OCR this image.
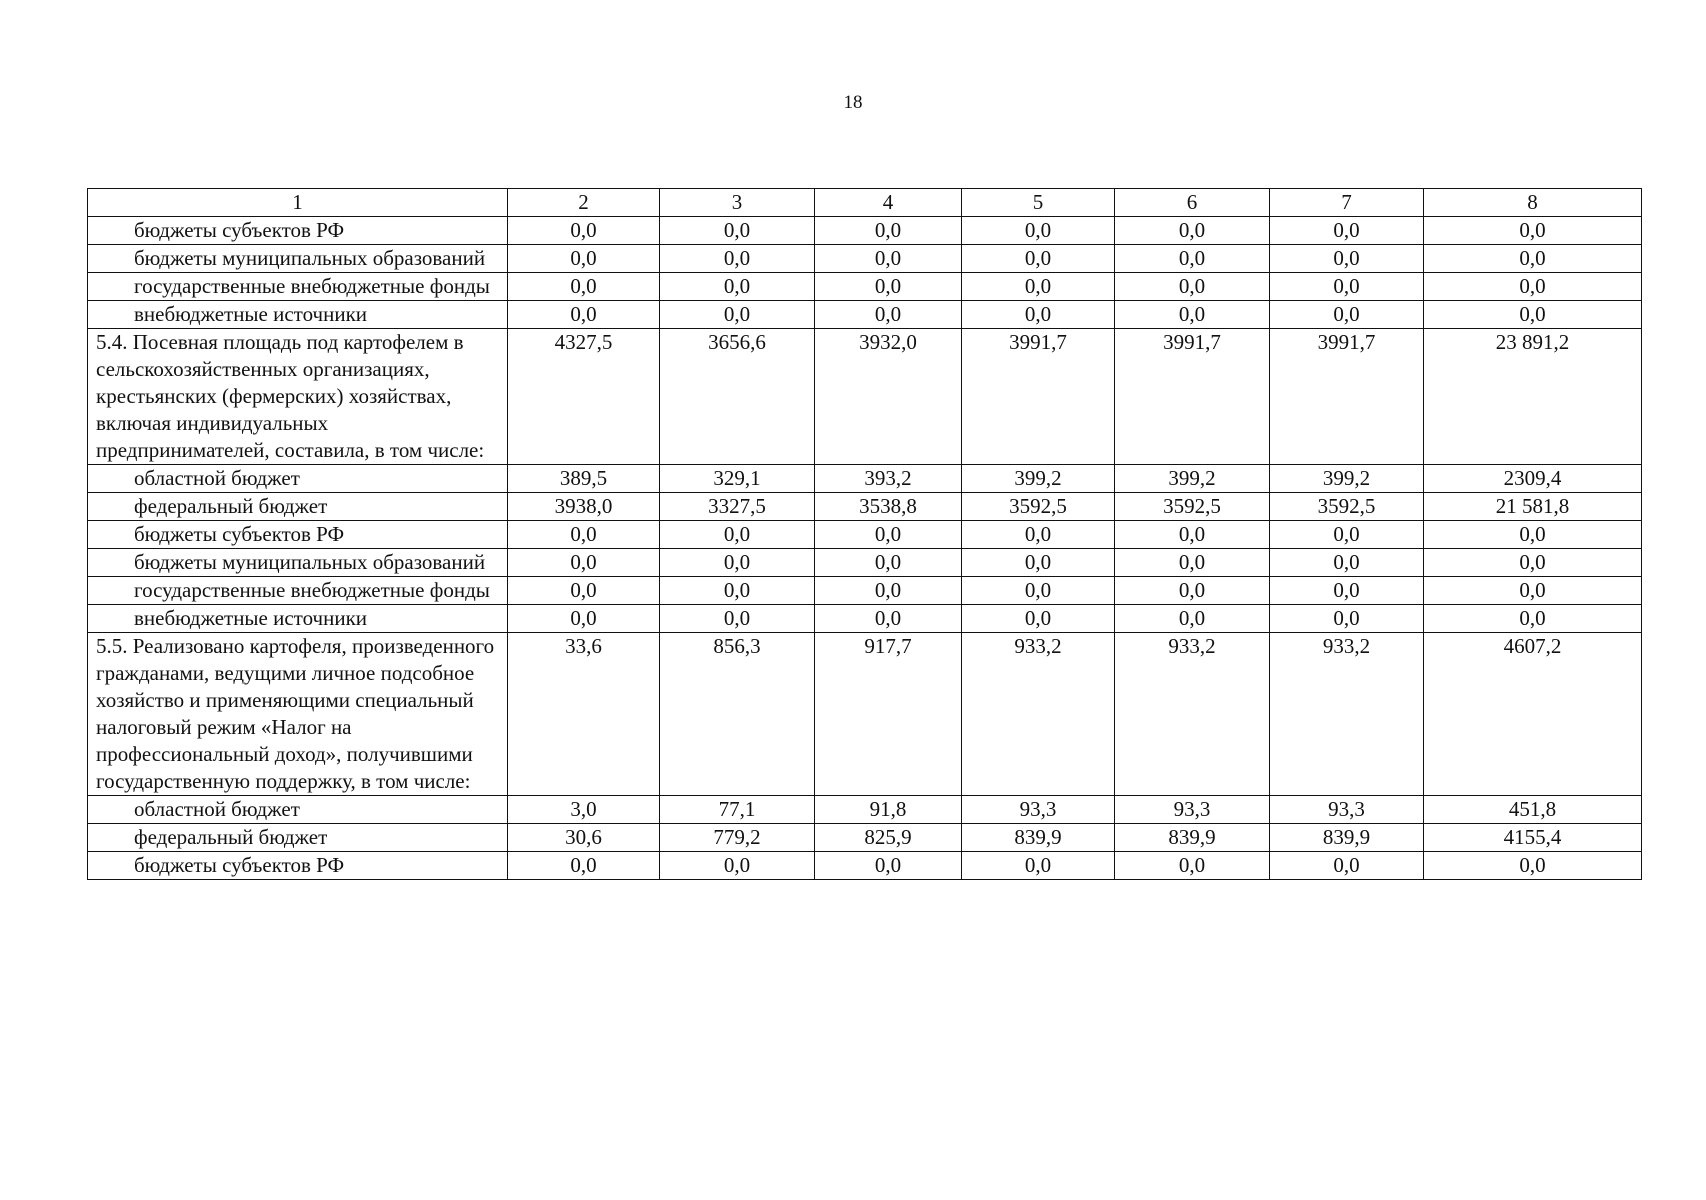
18
1	2	3	4	5	6	7	8
бюджеты субъектов РФ	0,0	0,0	0,0	0,0	0,0	0,0	0,0
бюджеты муниципальных образований	0,0	0,0	0,0	0,0	0,0	0,0	0,0
государственные внебюджетные фонды	0,0	0,0	0,0	0,0	0,0	0,0	0,0
внебюджетные источники	0,0	0,0	0,0	0,0	0,0	0,0	0,0
5.4. Посевная площадь под картофелем в сельскохозяйственных организациях, крестьянских (фермерских) хозяйствах, включая индивидуальных предпринимателей, составила, в том числе:	4327,5	3656,6	3932,0	3991,7	3991,7	3991,7	23 891,2
областной бюджет	389,5	329,1	393,2	399,2	399,2	399,2	2309,4
федеральный бюджет	3938,0	3327,5	3538,8	3592,5	3592,5	3592,5	21 581,8
бюджеты субъектов РФ	0,0	0,0	0,0	0,0	0,0	0,0	0,0
бюджеты муниципальных образований	0,0	0,0	0,0	0,0	0,0	0,0	0,0
государственные внебюджетные фонды	0,0	0,0	0,0	0,0	0,0	0,0	0,0
внебюджетные источники	0,0	0,0	0,0	0,0	0,0	0,0	0,0
5.5. Реализовано картофеля, произведенного гражданами, ведущими личное подсобное хозяйство и применяющими специальный налоговый режим «Налог на профессиональный доход», получившими государственную поддержку, в том числе:	33,6	856,3	917,7	933,2	933,2	933,2	4607,2
областной бюджет	3,0	77,1	91,8	93,3	93,3	93,3	451,8
федеральный бюджет	30,6	779,2	825,9	839,9	839,9	839,9	4155,4
бюджеты субъектов РФ	0,0	0,0	0,0	0,0	0,0	0,0	0,0
